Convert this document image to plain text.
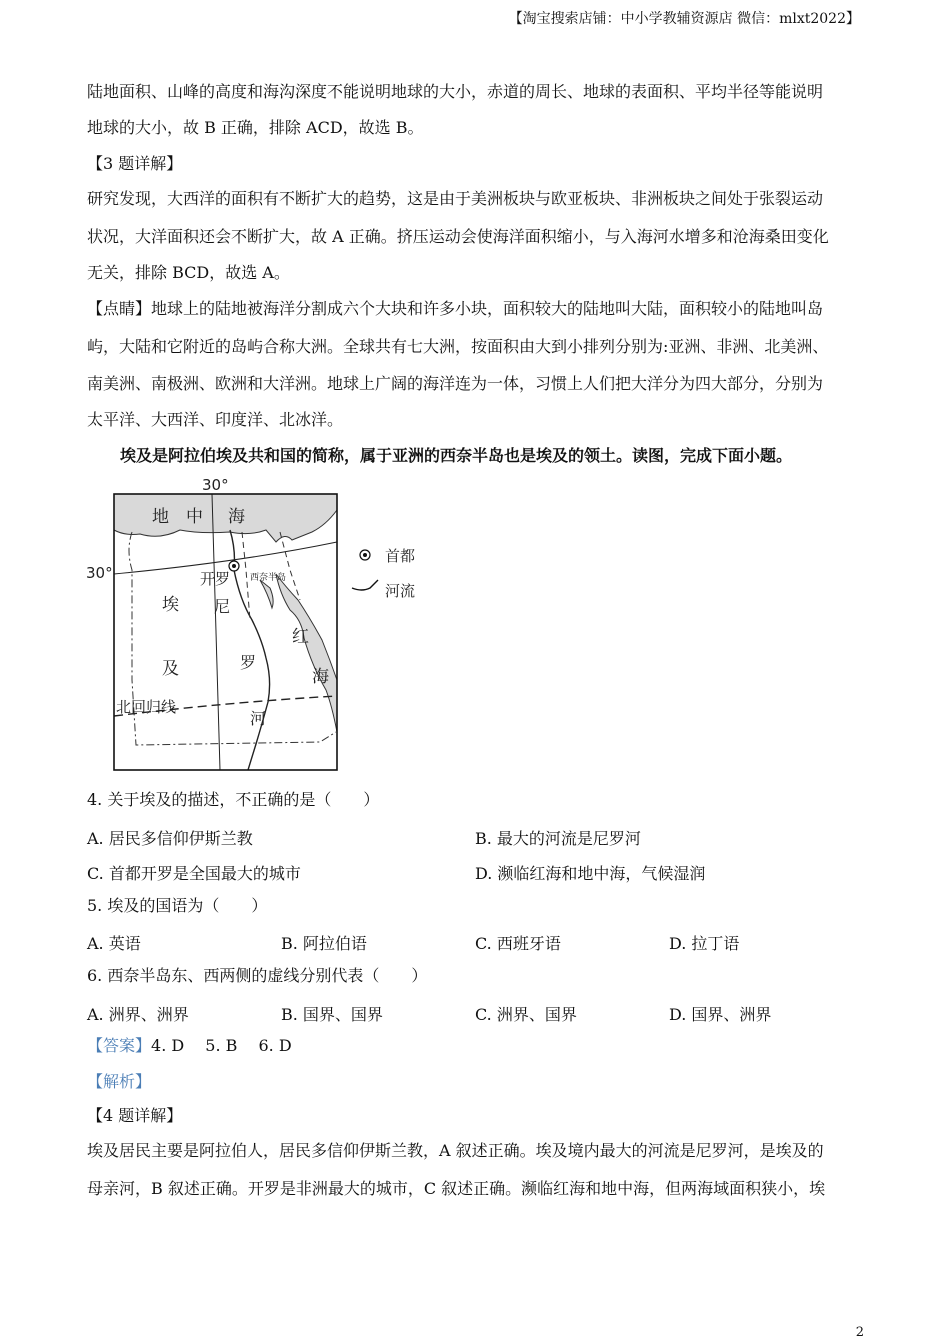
【淘宝搜索店铺：中小学教辅资源店 微信：mlxt2022】
陆地面积、山峰的高度和海沟深度不能说明地球的大小，赤道的周长、地球的表面积、平均半径等能说明
地球的大小，故 B 正确，排除 ACD，故选 B。
【3 题详解】
研究发现，大西洋的面积有不断扩大的趋势，这是由于美洲板块与欧亚板块、非洲板块之间处于张裂运动
状况，大洋面积还会不断扩大，故 A 正确。挤压运动会使海洋面积缩小，与入海河水增多和沧海桑田变化
无关，排除 BCD，故选 A。
【点睛】地球上的陆地被海洋分割成六个大块和许多小块，面积较大的陆地叫大陆，面积较小的陆地叫岛
屿，大陆和它附近的岛屿合称大洲。全球共有七大洲，按面积由大到小排列分别为:亚洲、非洲、北美洲、
南美洲、南极洲、欧洲和大洋洲。地球上广阔的海洋连为一体，习惯上人们把大洋分为四大部分，分别为
太平洋、大西洋、印度洋、北冰洋。
埃及是阿拉伯埃及共和国的简称，属于亚洲的西奈半岛也是埃及的领土。读图，完成下面小题。
30°
30°
地 中 海
开罗 西奈半岛
埃
及
尼
罗
河
红
海
北回归线
首都
河流
4. 关于埃及的描述，不正确的是（　　）
A. 居民多信仰伊斯兰教	B. 最大的河流是尼罗河
C. 首都开罗是全国最大的城市	D. 濒临红海和地中海，气候湿润
5. 埃及的国语为（　　）
A. 英语	B. 阿拉伯语	C. 西班牙语	D. 拉丁语
6. 西奈半岛东、西两侧的虚线分别代表（　　）
A. 洲界、洲界	B. 国界、国界	C. 洲界、国界	D. 国界、洲界
【答案】4. D　 5. B　 6. D
【解析】
【4 题详解】
埃及居民主要是阿拉伯人，居民多信仰伊斯兰教，A 叙述正确。埃及境内最大的河流是尼罗河，是埃及的
母亲河，B 叙述正确。开罗是非洲最大的城市，C 叙述正确。濒临红海和地中海，但两海域面积狭小，埃
2
